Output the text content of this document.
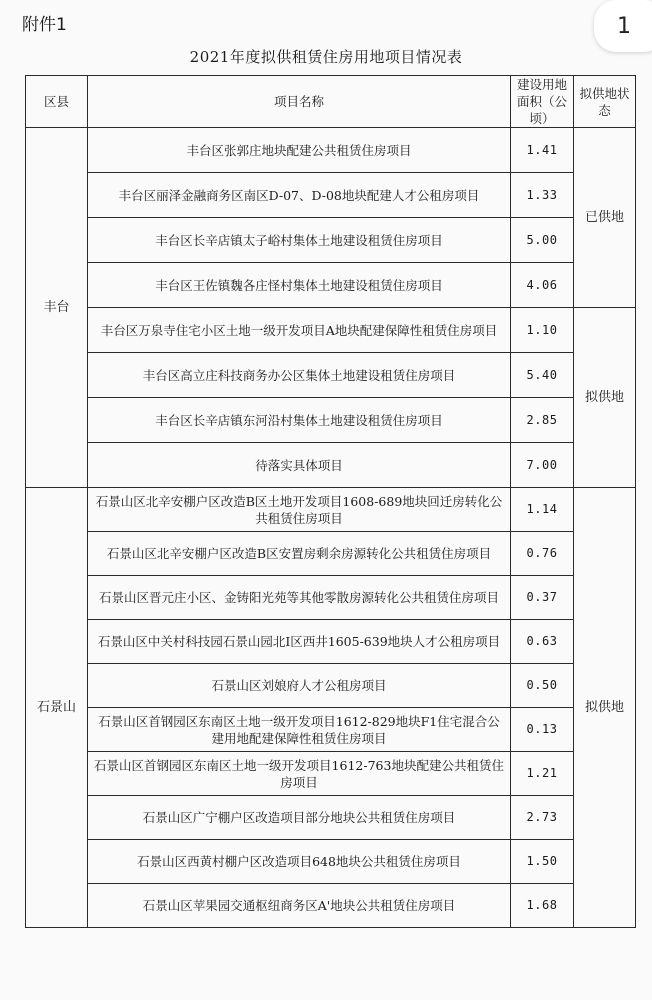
附件1	1
2021年度拟供租赁住房用地项目情况表
区县	项目名称	建设用地面积（公顷）	拟供地状态
丰台	丰台区张郭庄地块配建公共租赁住房项目	1.41	已供地
	丰台区丽泽金融商务区南区D-07、D-08地块配建人才公租房项目	1.33	
	丰台区长辛店镇太子峪村集体土地建设租赁住房项目	5.00	
	丰台区王佐镇魏各庄怪村集体土地建设租赁住房项目	4.06	
	丰台区万泉寺住宅小区土地一级开发项目A地块配建保障性租赁住房项目	1.10	拟供地
	丰台区高立庄科技商务办公区集体土地建设租赁住房项目	5.40	
	丰台区长辛店镇东河沿村集体土地建设租赁住房项目	2.85	
	待落实具体项目	7.00	
石景山	石景山区北辛安棚户区改造B区土地开发项目1608-689地块回迁房转化公共租赁住房项目	1.14	拟供地
	石景山区北辛安棚户区改造B区安置房剩余房源转化公共租赁住房项目	0.76	
	石景山区晋元庄小区、金铸阳光苑等其他零散房源转化公共租赁住房项目	0.37	
	石景山区中关村科技园石景山园北Ⅰ区西井1605-639地块人才公租房项目	0.63	
	石景山区刘娘府人才公租房项目	0.50	
	石景山区首钢园区东南区土地一级开发项目1612-829地块F1住宅混合公建用地配建保障性租赁住房项目	0.13	
	石景山区首钢园区东南区土地一级开发项目1612-763地块配建公共租赁住房项目	1.21	
	石景山区广宁棚户区改造项目部分地块公共租赁住房项目	2.73	
	石景山区西黄村棚户区改造项目648地块公共租赁住房项目	1.50	
	石景山区苹果园交通枢纽商务区A'地块公共租赁住房项目	1.68	
